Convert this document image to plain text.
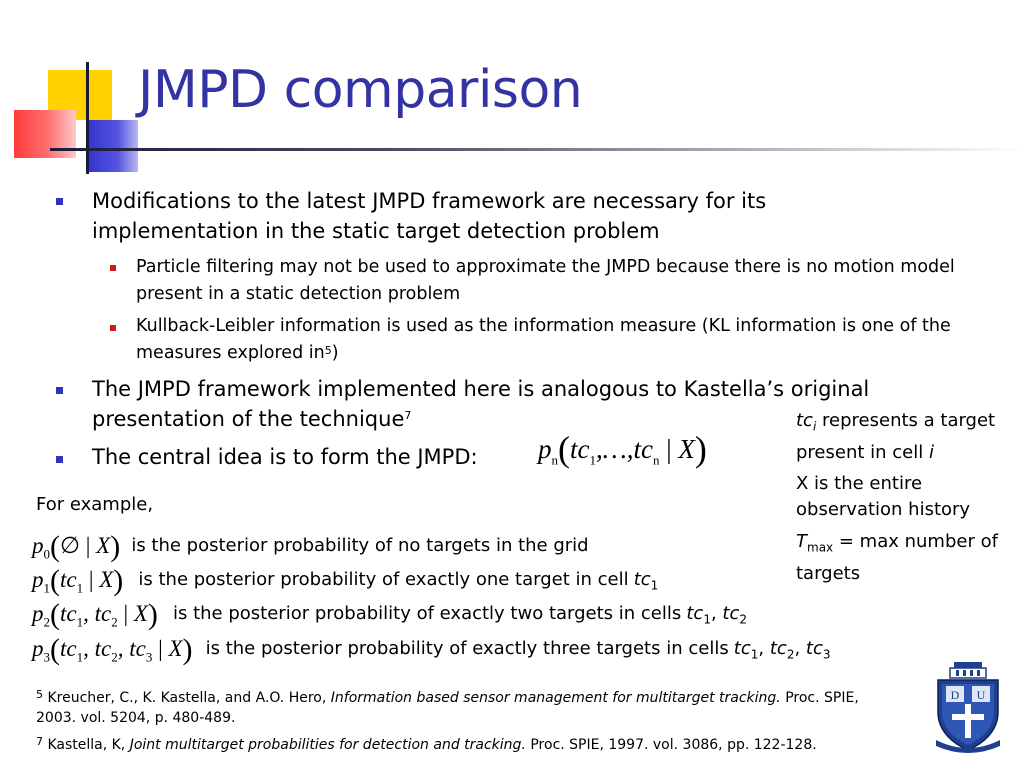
JMPD comparison
Modifications to the latest JMPD framework are necessary for its implementation in the static target detection problem
Particle filtering may not be used to approximate the JMPD because there is no motion model present in a static detection problem
Kullback-Leibler information is used as the information measure (KL information is one of the measures explored $in^5$)
The JMPD framework implemented here is analogous to Kastella’s original presentation of the technique$^7$
The central idea is to form the JMPD:	$p_n(tc_1,\dots,tc_n$ | X)
$tc_i$ represents a target present in cell i
X is the entire observation history
$T_{max} = \max$ number of targets
For example,
$p_0(\emptyset$ | X) is the posterior probability of no targets in the grid
$p_1(tc_1$ | X) is the posterior probability of exactly one target in cell $tc_1$
$p_2(tc_1$, $tc_2$ | X) is the posterior probability of exactly two targets in cells $tc_1$, $tc_2$
$p_3(tc_1$, $tc_2$, $tc_3$ | X) is the posterior probability of exactly three targets in cells $tc_1$, $tc_2$, $tc_3$
$^5$ Kreucher, C., K. Kastella, and A.O. Hero, Information based sensor management for multitarget tracking. Proc. SPIE, 2003. vol. 5204, p. 480-489.
$^7$ Kastella, K, Joint multitarget probabilities for detection and tracking. Proc. SPIE, 1997. vol. 3086, pp. 122-128.
D U
